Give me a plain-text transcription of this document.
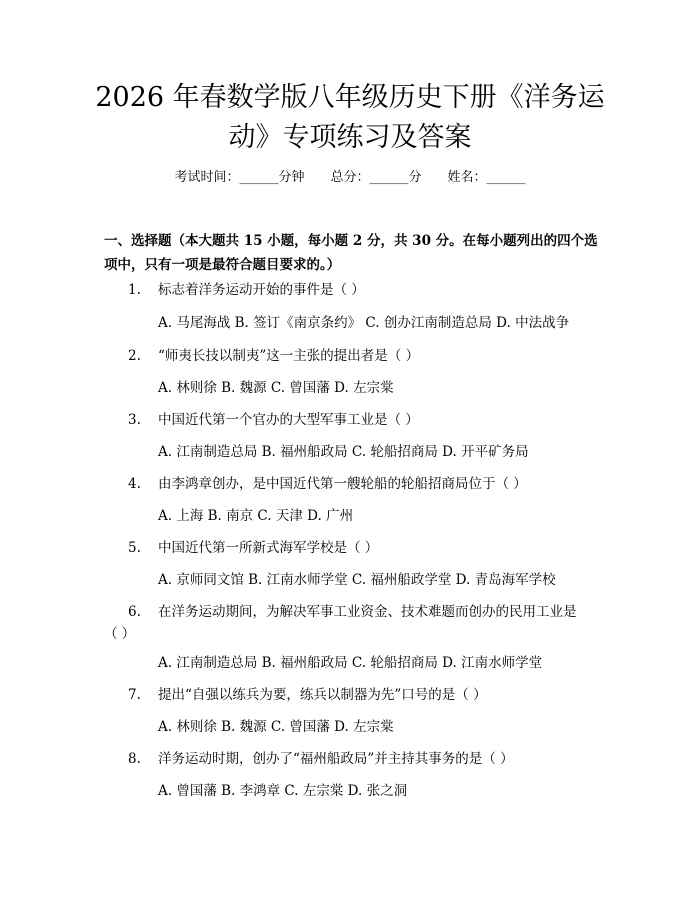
2026 年春数学版八年级历史下册《洋务运
动》专项练习及答案
考试时间：______分钟 总分：______分 姓名：______
一、选择题（本大题共 15 小题，每小题 2 分，共 30 分。在每小题列出的四个选
项中，只有一项是最符合题目要求的。）
1. 标志着洋务运动开始的事件是（ ）
A. 马尾海战 B. 签订《南京条约》 C. 创办江南制造总局 D. 中法战争
2. “师夷长技以制夷”这一主张的提出者是（ ）
A. 林则徐 B. 魏源 C. 曾国藩 D. 左宗棠
3. 中国近代第一个官办的大型军事工业是（ ）
A. 江南制造总局 B. 福州船政局 C. 轮船招商局 D. 开平矿务局
4. 由李鸿章创办，是中国近代第一艘轮船的轮船招商局位于（ ）
A. 上海 B. 南京 C. 天津 D. 广州
5. 中国近代第一所新式海军学校是（ ）
A. 京师同文馆 B. 江南水师学堂 C. 福州船政学堂 D. 青岛海军学校
6. 在洋务运动期间，为解决军事工业资金、技术难题而创办的民用工业是
（ ）
A. 江南制造总局 B. 福州船政局 C. 轮船招商局 D. 江南水师学堂
7. 提出“自强以练兵为要，练兵以制器为先”口号的是（ ）
A. 林则徐 B. 魏源 C. 曾国藩 D. 左宗棠
8. 洋务运动时期，创办了“福州船政局”并主持其事务的是（ ）
A. 曾国藩 B. 李鸿章 C. 左宗棠 D. 张之洞
